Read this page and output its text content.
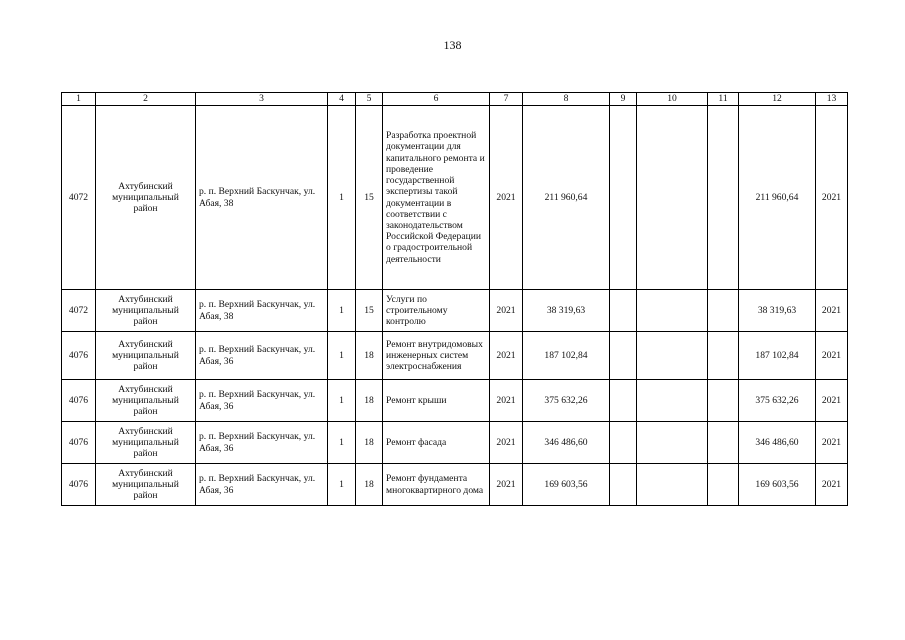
138
1	2	3	4	5	6	7	8	9	10	11	12	13
4072	Ахтубинский муниципальный район	р. п. Верхний Баскунчак, ул. Абая, 38	1	15	Разработка проектной документации для капитального ремонта и проведение государственной экспертизы такой документации в соответствии с законодательством Российской Федерации о градостроительной деятельности	2021	211 960,64				211 960,64	2021
4072	Ахтубинский муниципальный район	р. п. Верхний Баскунчак, ул. Абая, 38	1	15	Услуги по строительному контролю	2021	38 319,63				38 319,63	2021
4076	Ахтубинский муниципальный район	р. п. Верхний Баскунчак, ул. Абая, 36	1	18	Ремонт внутридомовых инженерных систем электроснабжения	2021	187 102,84				187 102,84	2021
4076	Ахтубинский муниципальный район	р. п. Верхний Баскунчак, ул. Абая, 36	1	18	Ремонт крыши	2021	375 632,26				375 632,26	2021
4076	Ахтубинский муниципальный район	р. п. Верхний Баскунчак, ул. Абая, 36	1	18	Ремонт фасада	2021	346 486,60				346 486,60	2021
4076	Ахтубинский муниципальный район	р. п. Верхний Баскунчак, ул. Абая, 36	1	18	Ремонт фундамента многоквартирного дома	2021	169 603,56				169 603,56	2021
